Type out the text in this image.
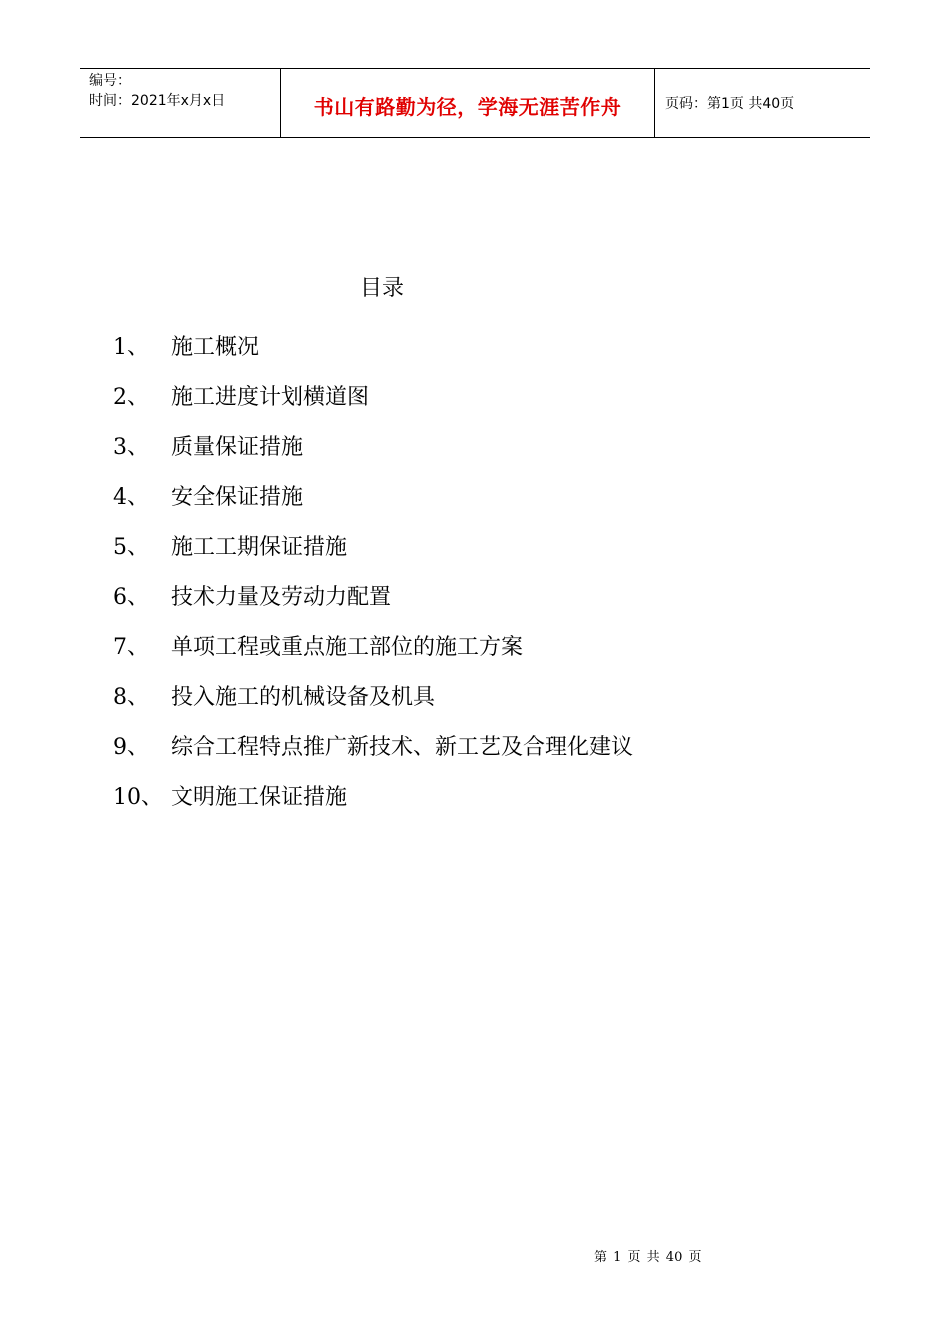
编号：
时间：2021年x月x日	书山有路勤为径，学海无涯苦作舟	页码：第1页 共40页
目录
1、	施工概况
2、	施工进度计划横道图
3、	质量保证措施
4、	安全保证措施
5、	施工工期保证措施
6、	技术力量及劳动力配置
7、	单项工程或重点施工部位的施工方案
8、	投入施工的机械设备及机具
9、	综合工程特点推广新技术、新工艺及合理化建议
10、 文明施工保证措施
第 1 页 共 40 页
